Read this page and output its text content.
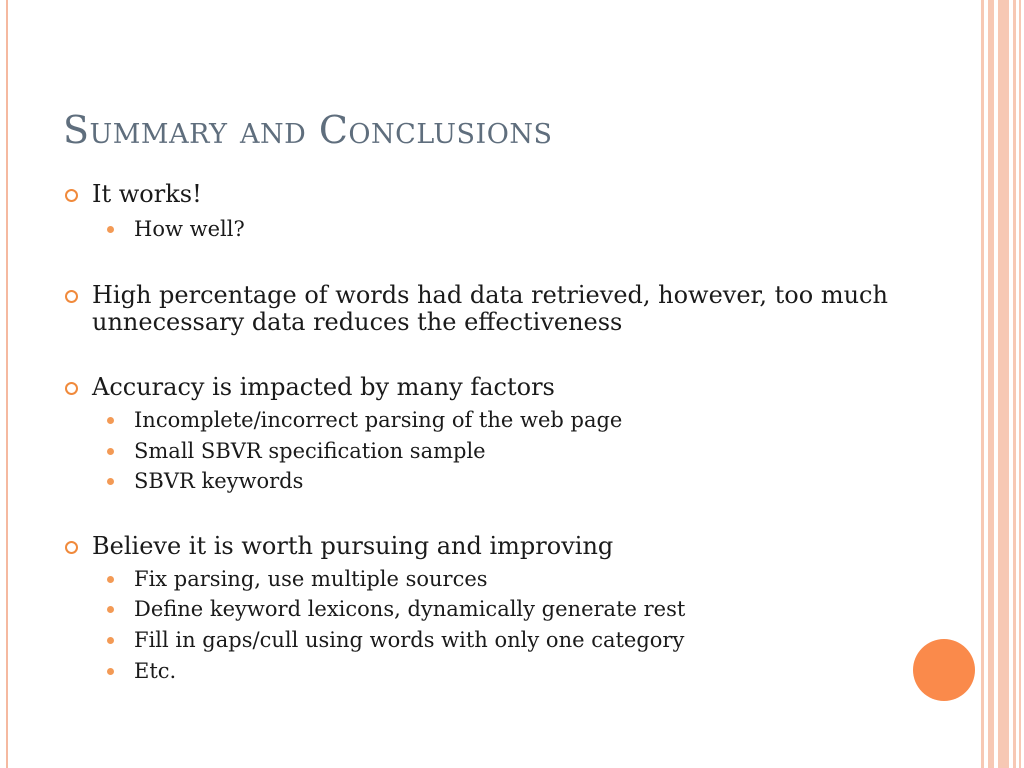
Summary and Conclusions
It works!
How well?
High percentage of words had data retrieved, however, too much unnecessary data reduces the effectiveness
Accuracy is impacted by many factors
Incomplete/incorrect parsing of the web page
Small SBVR specification sample
SBVR keywords
Believe it is worth pursuing and improving
Fix parsing, use multiple sources
Define keyword lexicons, dynamically generate rest
Fill in gaps/cull using words with only one category
Etc.
